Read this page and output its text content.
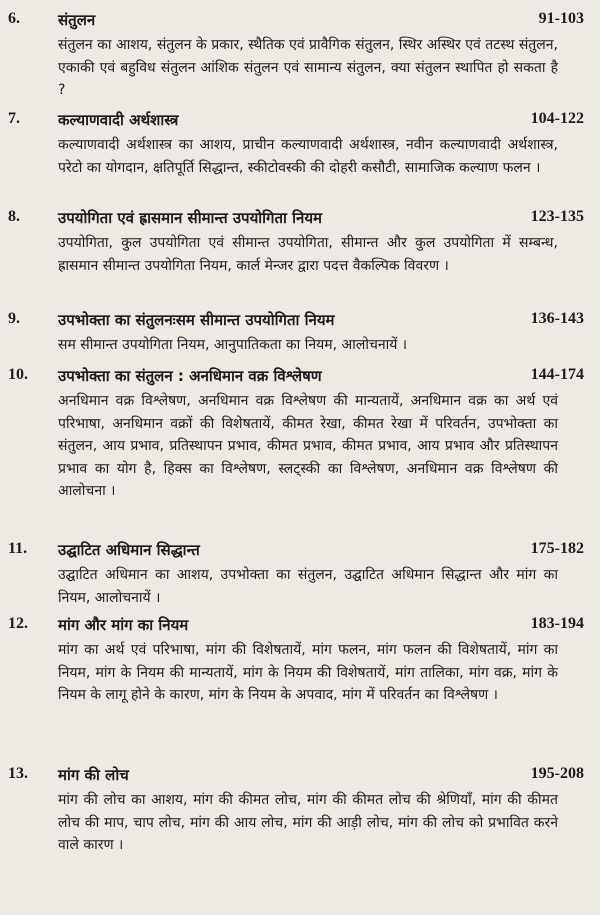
6.	संतुलन	91-103
संतुलन का आशय, संतुलन के प्रकार, स्थैतिक एवं प्रावैगिक संतुलन, स्थिर अस्थिर एवं तटस्थ संतुलन, एकाकी एवं बहुविध संतुलन आंशिक संतुलन एवं सामान्य संतुलन, क्या संतुलन स्थापित हो सकता है ?
7.	कल्याणवादी अर्थशास्त्र	104-122
कल्याणवादी अर्थशास्त्र का आशय, प्राचीन कल्याणवादी अर्थशास्त्र, नवीन कल्याणवादी अर्थशास्त्र, परेटो का योगदान, क्षतिपूर्ति सिद्धान्त, स्कीटोवस्की की दोहरी कसौटी, सामाजिक कल्याण फलन ।
8.	उपयोगिता एवं ह्रासमान सीमान्त उपयोगिता नियम	123-135
उपयोगिता, कुल उपयोगिता एवं सीमान्त उपयोगिता, सीमान्त और कुल उपयोगिता में सम्बन्ध, ह्रासमान सीमान्त उपयोगिता नियम, कार्ल मेन्जर द्वारा पदत्त वैकल्पिक विवरण ।
9.	उपभोक्ता का संतुलनःसम सीमान्त उपयोगिता नियम	136-143
सम सीमान्त उपयोगिता नियम, आनुपातिकता का नियम, आलोचनायें ।
10. उपभोक्ता का संतुलन : अनधिमान वक्र विश्लेषण	144-174
अनधिमान वक्र विश्लेषण, अनधिमान वक्र विश्लेषण की मान्यतायें, अनधिमान वक्र का अर्थ एवं परिभाषा, अनधिमान वक्रों की विशेषतायें, कीमत रेखा, कीमत रेखा में परिवर्तन, उपभोक्ता का संतुलन, आय प्रभाव, प्रतिस्थापन प्रभाव, कीमत प्रभाव, कीमत प्रभाव, आय प्रभाव और प्रतिस्थापन प्रभाव का योग है, हिक्स का विश्लेषण, स्लट्स्की का विश्लेषण, अनधिमान वक्र विश्लेषण की आलोचना ।
11. उद्घाटित अधिमान सिद्धान्त	175-182
उद्घाटित अधिमान का आशय, उपभोक्ता का संतुलन, उद्घाटित अधिमान सिद्धान्त और मांग का नियम, आलोचनायें ।
12. मांग और मांग का नियम	183-194
मांग का अर्थ एवं परिभाषा, मांग की विशेषतायें, मांग फलन, मांग फलन की विशेषतायें, मांग का नियम, मांग के नियम की मान्यतायें, मांग के नियम की विशेषतायें, मांग तालिका, मांग वक्र, मांग के नियम के लागू होने के कारण, मांग के नियम के अपवाद, मांग में परिवर्तन का विश्लेषण ।
13. मांग की लोच	195-208
मांग की लोच का आशय, मांग की कीमत लोच, मांग की कीमत लोच की श्रेणियाँ, मांग की कीमत लोच की माप, चाप लोच, मांग की आय लोच, मांग की आड़ी लोच, मांग की लोच को प्रभावित करने वाले कारण ।
